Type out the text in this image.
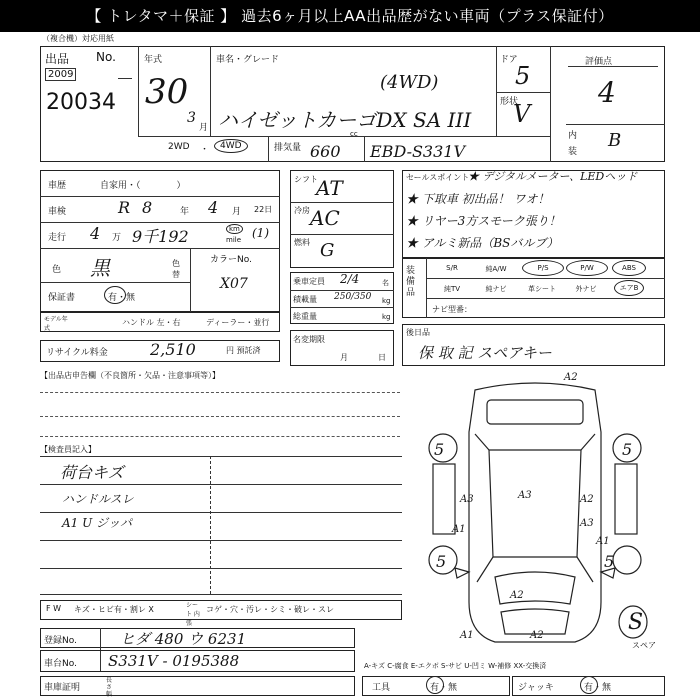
【 トレタマ＋保証 】 過去6ヶ月以上AA出品歴がない車両（プラス保証付）
（複合機）対応用紙
出品 No.
2009
20034
年式
30
3
月
車名・グレード
(4WD)
ハイゼットカーゴDX SA III
ドア
5
形状
V
評価点
4
内
装
B
2WD ・	4WD	排気量
cc
660 EBD-S331V
車歴	自家用・（　　　　）
車検	R 8	年 4 月 22日
走行 4 万 9千192	km
mile (1)
色 黒	色替
カラーNo.
X07
保証書	有・無
モデル年式
ハンドル 左・右	ディーラー・並行
リサイクル料金	2,510	円 預託済
シフト
AT
冷房 AC
燃料 G
乗車定員 2/4	名
積載量 250/350 kg
総重量	kg
名変期限
月	日
セールスポイント
★ デジタルメーター、LEDヘッド
★ 下取車 初出品！ ワオ！
★ リヤー3方スモーク張り！
★ アルミ新品（BSバルブ）
装備品
S/R	純A/W	P/S	P/W	ABS
純TV	純ナビ	革シート	外ナビ	エアB
ナビ型番：
後日品
保 取 記 スペアキー
【出品店申告欄（不良箇所・欠品・注意事項等）】
【検査員記入】
荷台キズ
ハンドルスレ
A1 U ジッパ
F W キズ・ヒビ有・割レ X	シート 内張
コゲ・穴・汚レ・シミ・破レ・スレ
登録No.	ヒダ 480 ウ 6231
車台No. S331V - 0195388
車庫証明
長さ 幅
A-キズ C-腐食 E-エクボ S-サビ U-凹ミ W-補修 XX-交換済
工具	有・無	ジャッキ	有・無
A2
5	5
A3	A3	A2
A1
A3
A1
5	5
A2
A1	A2
S
スペア
